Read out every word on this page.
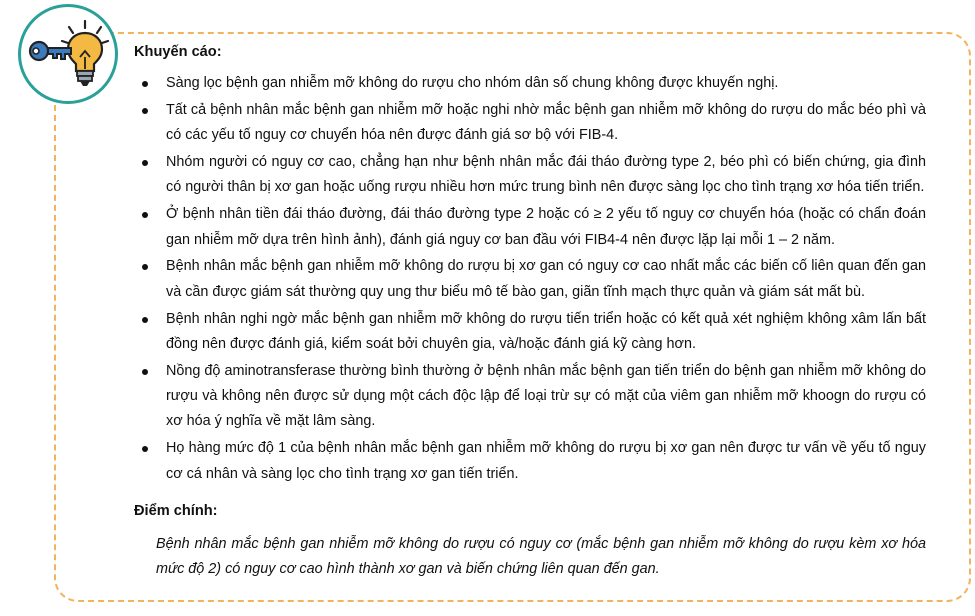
Khuyến cáo:
Sàng lọc bệnh gan nhiễm mỡ không do rượu cho nhóm dân số chung không được khuyến nghị.
Tất cả bệnh nhân mắc bệnh gan nhiễm mỡ hoặc nghi nhờ mắc bệnh gan nhiễm mỡ không do rượu do mắc béo phì và có các yếu tố nguy cơ chuyển hóa nên được đánh giá sơ bộ với FIB-4.
Nhóm người có nguy cơ cao, chẳng hạn như bệnh nhân mắc đái tháo đường type 2, béo phì có biến chứng, gia đình có người thân bị xơ gan hoặc uống rượu nhiều hơn mức trung bình nên được sàng lọc cho tình trạng xơ hóa tiến triển.
Ở bệnh nhân tiền đái tháo đường, đái tháo đường type 2 hoặc có ≥ 2 yếu tố nguy cơ chuyển hóa (hoặc có chẩn đoán gan nhiễm mỡ dựa trên hình ảnh), đánh giá nguy cơ ban đầu với FIB4-4 nên được lặp lại mỗi 1 – 2 năm.
Bệnh nhân mắc bệnh gan nhiễm mỡ không do rượu bị xơ gan có nguy cơ cao nhất mắc các biến cố liên quan đến gan và cần được giám sát thường quy ung thư biểu mô tế bào gan, giãn tĩnh mạch thực quản và giám sát mất bù.
Bệnh nhân nghi ngờ mắc bệnh gan nhiễm mỡ không do rượu tiến triển hoặc có kết quả xét nghiệm không xâm lấn bất đồng nên được đánh giá, kiểm soát bởi chuyên gia, và/hoặc đánh giá kỹ càng hơn.
Nồng độ aminotransferase thường bình thường ở bệnh nhân mắc bệnh gan tiến triển do bệnh gan nhiễm mỡ không do rượu và không nên được sử dụng một cách độc lập để loại trừ sự có mặt của viêm gan nhiễm mỡ khoogn do rượu có xơ hóa ý nghĩa về mặt lâm sàng.
Họ hàng mức độ 1 của bệnh nhân mắc bệnh gan nhiễm mỡ không do rượu bị xơ gan nên được tư vấn về yếu tố nguy cơ cá nhân và sàng lọc cho tình trạng xơ gan tiến triển.
Điểm chính:

Bệnh nhân mắc bệnh gan nhiễm mỡ không do rượu có nguy cơ (mắc bệnh gan nhiễm mỡ không do rượu kèm xơ hóa mức độ 2) có nguy cơ cao hình thành xơ gan và biến chứng liên quan đến gan.
